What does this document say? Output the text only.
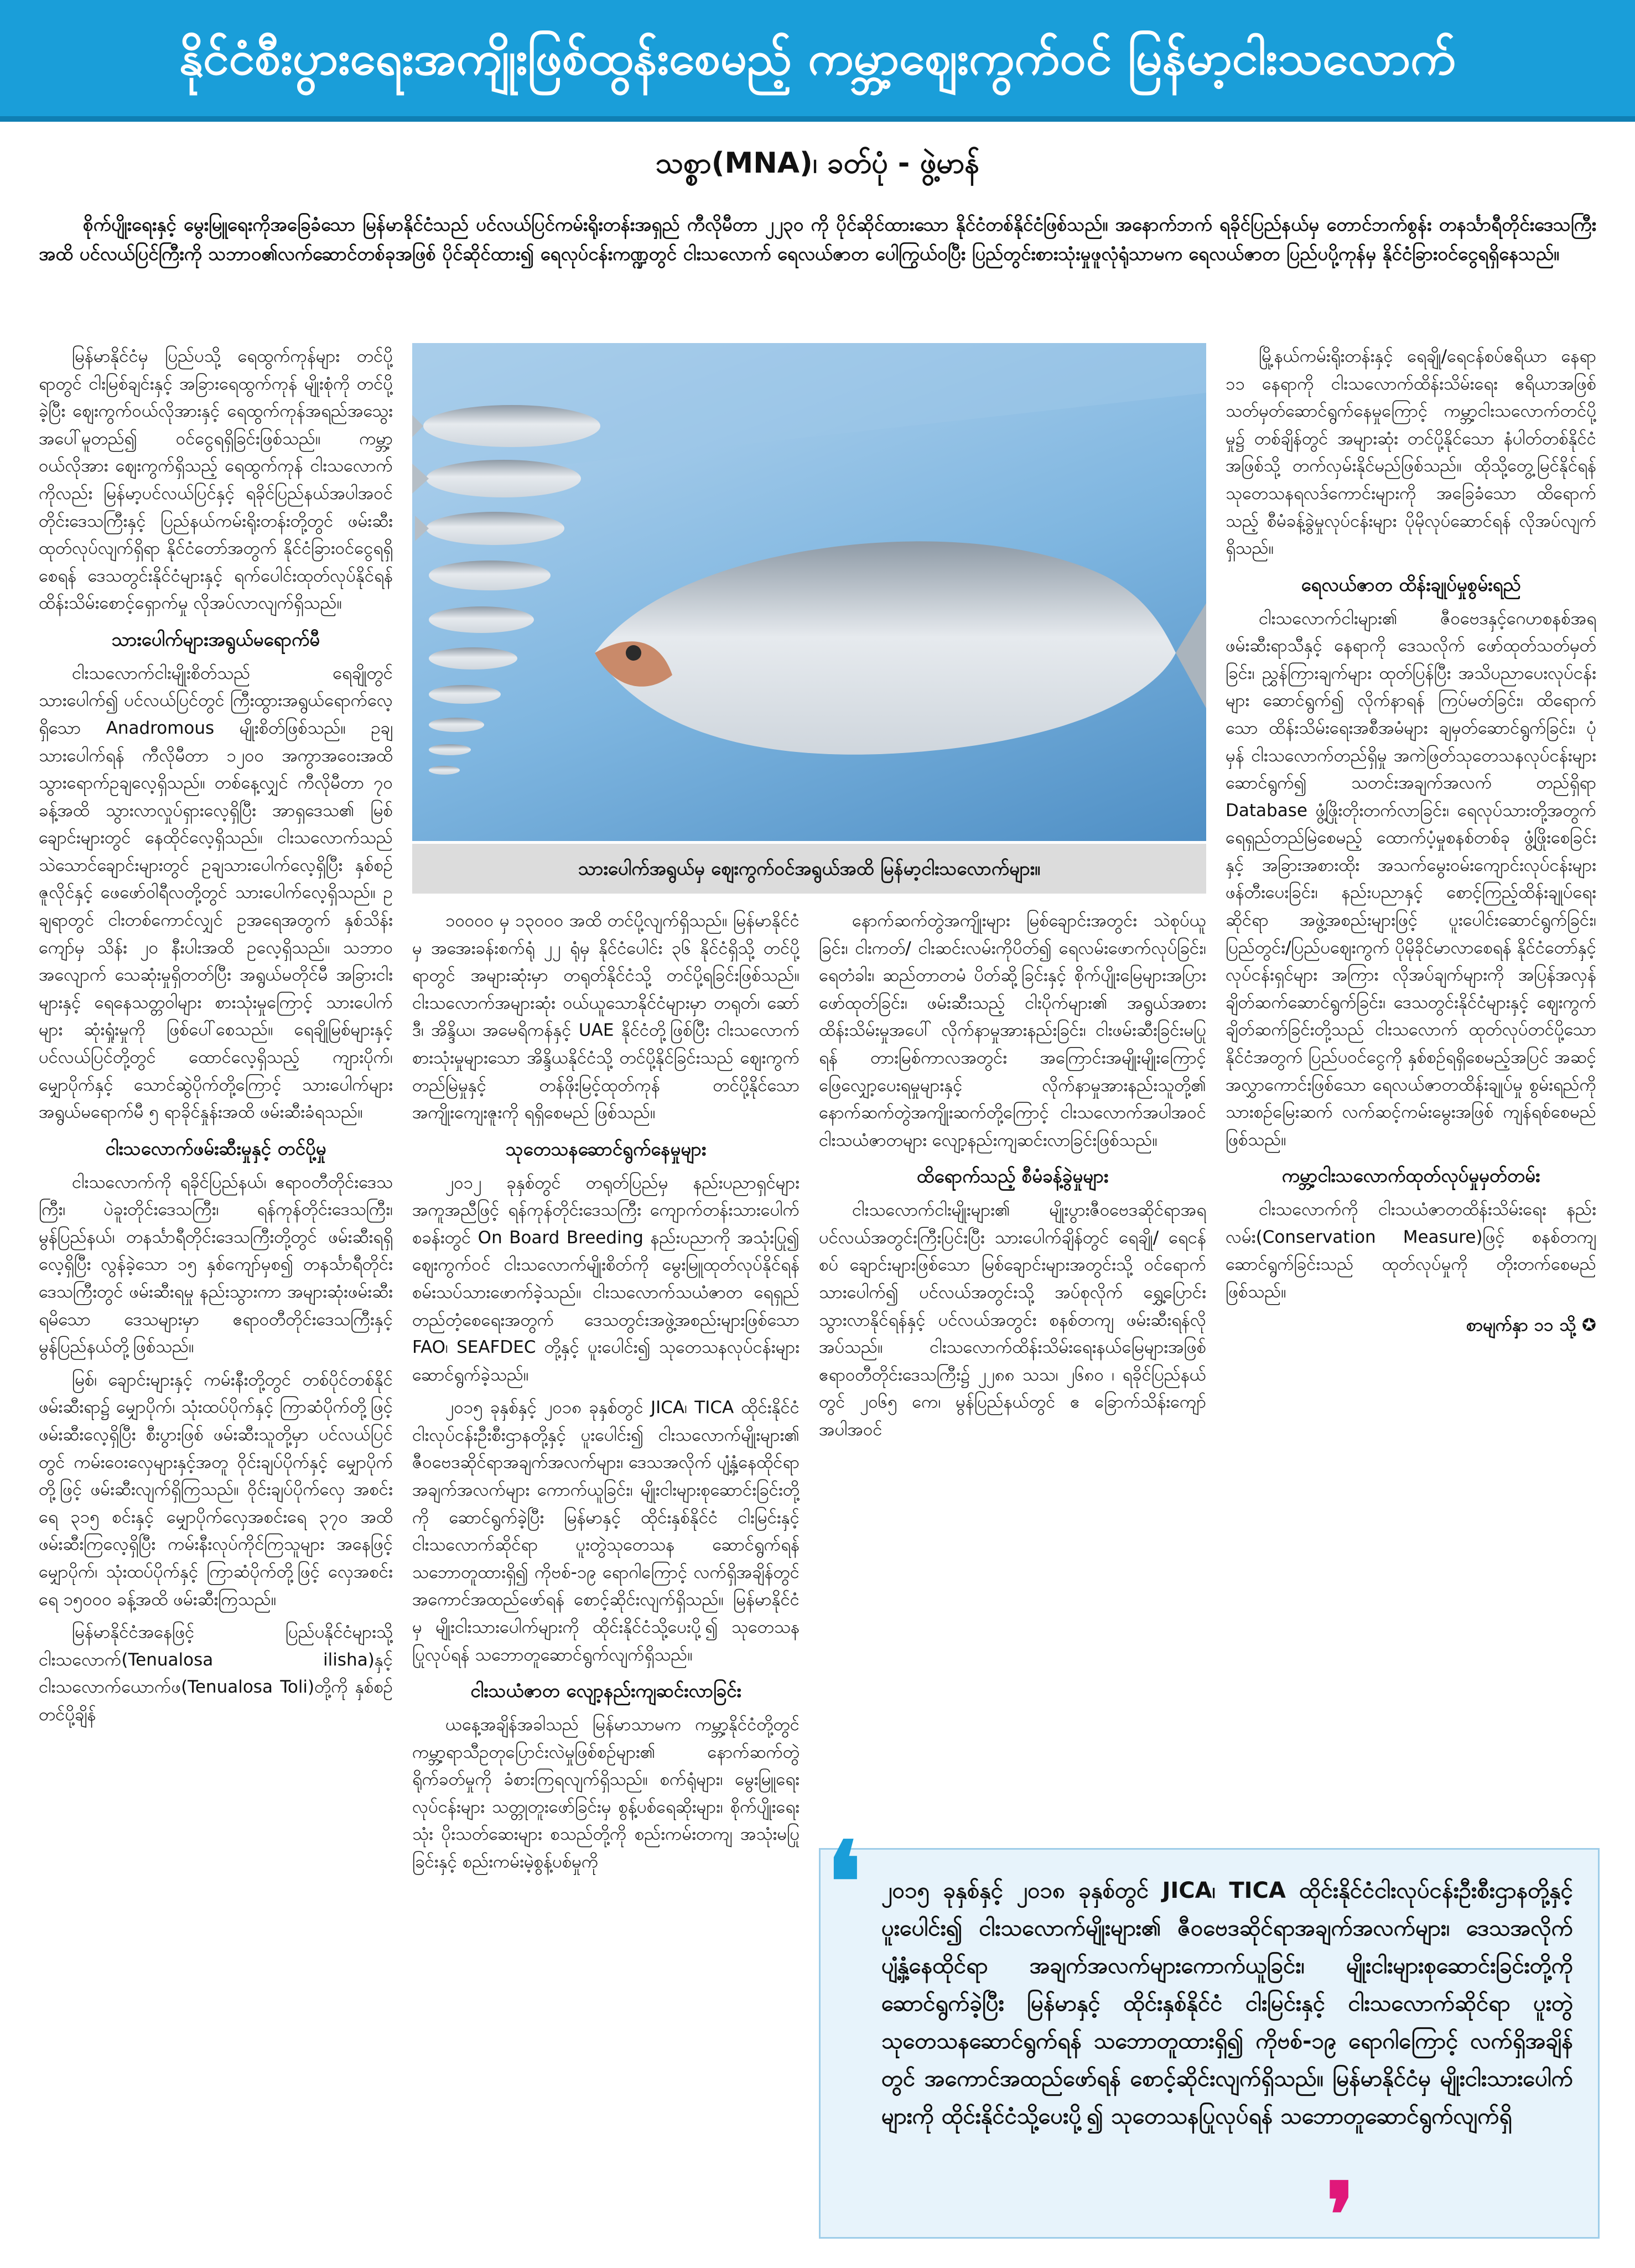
နိုင်ငံစီးပွားရေးအကျိုးဖြစ်ထွန်းစေမည့် ကမ္ဘာ့ဈေးကွက်ဝင် မြန်မာ့ငါးသလောက်
သစ္စာ(MNA)၊ ခတ်ပုံ - ဖွဲ့မာန်
စိုက်ပျိုးရေးနှင့် မွေးမြူရေးကိုအခြေခံသော မြန်မာနိုင်ငံသည် ပင်လယ်ပြင်ကမ်းရိုးတန်းအရှည် ကီလိုမီတာ ၂၂၃၀ ကို ပိုင်ဆိုင်ထားသော နိုင်ငံတစ်နိုင်ငံဖြစ်သည်။ အနောက်ဘက် ရခိုင်ပြည်နယ်မှ တောင်ဘက်စွန်း တနင်္သာရီတိုင်းဒေသကြီးအထိ ပင်လယ်ပြင်ကြီးကို သဘာဝ၏လက်ဆောင်တစ်ခုအဖြစ် ပိုင်ဆိုင်ထား၍ ရေလုပ်ငန်းကဏ္ဍတွင် ငါးသလောက် ရေလယ်ဇာတ ပေါကြွယ်ဝပြီး ပြည်တွင်းစားသုံးမှုဖူလုံရုံသာမက ရေလယ်ဇာတ ပြည်ပပို့ကုန်မှ နိုင်ငံခြားဝင်ငွေရရှိနေသည်။

မြန်မာနိုင်ငံမှ ပြည်ပသို့ ရေထွက်ကုန်များ တင်ပို့ရာတွင် ငါးမြစ်ချင်းနှင့် အခြားရေထွက်ကုန် မျိုးစုံကို တင်ပို့ခဲ့ပြီး ဈေးကွက်ဝယ်လိုအားနှင့် ရေထွက်ကုန်အရည်အသွေးအပေါ်မူတည်၍ ဝင်ငွေရရှိခြင်းဖြစ်သည်။ ကမ္ဘာ့ဝယ်လိုအား ဈေးကွက်ရှိသည့် ရေထွက်ကုန် ငါးသလောက်ကိုလည်း မြန်မာ့ပင်လယ်ပြင်နှင့် ရခိုင်ပြည်နယ်အပါအဝင် တိုင်းဒေသကြီးနှင့် ပြည်နယ်ကမ်းရိုးတန်းတို့တွင် ဖမ်းဆီးထုတ်လုပ်လျက်ရှိရာ နိုင်ငံတော်အတွက် နိုင်ငံခြားဝင်ငွေရရှိစေရန် ဒေသတွင်းနိုင်ငံများနှင့် ရက်ပေါင်းထုတ်လုပ်နိုင်ရန် ထိန်းသိမ်းစောင့်ရှောက်မှု လိုအပ်လာလျက်ရှိသည်။

သားပေါက်များအရွယ်မရောက်မီ

ငါးသလောက်ငါးမျိုးစိတ်သည် ရေချိုတွင် သားပေါက်၍ ပင်လယ်ပြင်တွင် ကြီးထွားအရွယ်ရောက်လေ့ရှိသော Anadromous မျိုးစိတ်ဖြစ်သည်။ ဥချသားပေါက်ရန် ကီလိုမီတာ ၁၂၀၀ အကွာအဝေးအထိ သွားရောက်ဥချလေ့ရှိသည်။ တစ်နေ့လျှင် ကီလိုမီတာ ၇၀ ခန့်အထိ သွားလာလှုပ်ရှားလေ့ရှိပြီး အာရှဒေသ၏ မြစ်ချောင်းများတွင် နေထိုင်လေ့ရှိသည်။ ငါးသလောက်သည် သဲသောင်ချောင်းများတွင် ဥချသားပေါက်လေ့ရှိပြီး နှစ်စဉ် ဇူလိုင်နှင့် ဖေဖော်ဝါရီလတို့တွင် သားပေါက်လေ့ရှိသည်။ ဥချရာတွင် ငါးတစ်ကောင်လျှင် ဥအရေအတွက် နှစ်သိန်းကျော်မှ သိန်း ၂၀ နီးပါးအထိ ဥလေ့ရှိသည်။ သဘာဝအလျောက် သေဆုံးမှုရှိတတ်ပြီး အရွယ်မတိုင်မီ အခြားငါးများနှင့် ရေနေသတ္တဝါများ စားသုံးမှုကြောင့် သားပေါက်များ ဆုံးရှုံးမှုကို ဖြစ်ပေါ်စေသည်။ ရေချိုမြစ်များနှင့် ပင်လယ်ပြင်တို့တွင် ထောင်လေ့ရှိသည့် ကျားပိုက်၊ မျှောပိုက်နှင့် သောင်ဆွဲပိုက်တို့ကြောင့် သားပေါက်များ အရွယ်မရောက်မီ ၅ ရာခိုင်နှုန်းအထိ ဖမ်းဆီးခံရသည်။

ငါးသလောက်ဖမ်းဆီးမှုနှင့် တင်ပို့မှု

ငါးသလောက်ကို ရခိုင်ပြည်နယ်၊ ဧရာဝတီတိုင်းဒေသကြီး၊ ပဲခူးတိုင်းဒေသကြီး၊ ရန်ကုန်တိုင်းဒေသကြီး၊ မွန်ပြည်နယ်၊ တနင်္သာရီတိုင်းဒေသကြီးတို့တွင် ဖမ်းဆီးရရှိလေ့ရှိပြီး လွန်ခဲ့သော ၁၅ နှစ်ကျော်မှစ၍ တနင်္သာရီတိုင်းဒေသကြီးတွင် ဖမ်းဆီးရမှု နည်းသွားကာ အများဆုံးဖမ်းဆီးရမိသော ဒေသများမှာ ဧရာဝတီတိုင်းဒေသကြီးနှင့် မွန်ပြည်နယ်တို့ဖြစ်သည်။

မြစ်၊ ချောင်းများနှင့် ကမ်းနီးတို့တွင် တစ်ပိုင်တစ်နိုင် ဖမ်းဆီးရာ၌ မျှောပိုက်၊ သုံးထပ်ပိုက်နှင့် ကြာဆံပိုက်တို့ဖြင့် ဖမ်းဆီးလေ့ရှိပြီး စီးပွားဖြစ် ဖမ်းဆီးသူတို့မှာ ပင်လယ်ပြင်တွင် ကမ်းဝေးလှေများနှင့်အတူ ဝိုင်းချပ်ပိုက်နှင့် မျှောပိုက်တို့ဖြင့် ဖမ်းဆီးလျက်ရှိကြသည်။ ဝိုင်းချပ်ပိုက်လှေ အစင်းရေ ၃၁၅ စင်းနှင့် မျှောပိုက်လှေအစင်းရေ ၃၇၀ အထိ ဖမ်းဆီးကြလေ့ရှိပြီး ကမ်းနီးလုပ်ကိုင်ကြသူများ အနေဖြင့် မျှောပိုက်၊ သုံးထပ်ပိုက်နှင့် ကြာဆံပိုက်တို့ဖြင့် လှေအစင်းရေ ၁၅၀၀၀ ခန့်အထိ ဖမ်းဆီးကြသည်။

မြန်မာနိုင်ငံအနေဖြင့် ပြည်ပနိုင်ငံများသို့ ငါးသလောက်(Tenualosa ilisha)နှင့် ငါးသလောက်ယောက်ဖ(Tenualosa Toli)တို့ကို နှစ်စဉ်တင်ပို့ချိန်

သားပေါက်အရွယ်မှ ဈေးကွက်ဝင်အရွယ်အထိ မြန်မာ့ငါးသလောက်များ။

၁၀၀၀၀ မှ ၁၃၀၀၀ အထိ တင်ပို့လျက်ရှိသည်။ မြန်မာနိုင်ငံမှ အအေးခန်းစက်ရုံ ၂၂ ရုံမှ နိုင်ငံပေါင်း ၃၆ နိုင်ငံရှိသို့ တင်ပို့ရာတွင် အများဆုံးမှာ တရုတ်နိုင်ငံသို့ တင်ပို့ရခြင်းဖြစ်သည်။ ငါးသလောက်အများဆုံး ဝယ်ယူသောနိုင်ငံများမှာ တရုတ်၊ ဆော်ဒီ၊ အိန္ဒိယ၊ အမေရိကန်နှင့် UAE နိုင်ငံတို့ဖြစ်ပြီး ငါးသလောက် စားသုံးမှုများသော အိန္ဒိယနိုင်ငံသို့ တင်ပို့နိုင်ခြင်းသည် ဈေးကွက်တည်မြဲမှုနှင့် တန်ဖိုးမြင့်ထုတ်ကုန် တင်ပို့နိုင်သော အကျိုးကျေးဇူးကို ရရှိစေမည် ဖြစ်သည်။

သုတေသနဆောင်ရွက်နေမှုများ

၂၀၁၂ ခုနှစ်တွင် တရုတ်ပြည်မှ နည်းပညာရှင်များအကူအညီဖြင့် ရန်ကုန်တိုင်းဒေသကြီး ကျောက်တန်းသားပေါက်စခန်းတွင် On Board Breeding နည်းပညာကို အသုံးပြု၍ ဈေးကွက်ဝင် ငါးသလောက်မျိုးစိတ်ကို မွေးမြူထုတ်လုပ်နိုင်ရန် စမ်းသပ်သားဖောက်ခဲ့သည်။ ငါးသလောက်သယံဇာတ ရေရှည်တည်တံ့စေရေးအတွက် ဒေသတွင်းအဖွဲ့အစည်းများဖြစ်သော FAO၊ SEAFDEC တို့နှင့် ပူးပေါင်း၍ သုတေသနလုပ်ငန်းများ ဆောင်ရွက်ခဲ့သည်။

၂၀၁၅ ခုနှစ်နှင့် ၂၀၁၈ ခုနှစ်တွင် JICA၊ TICA ထိုင်းနိုင်ငံငါးလုပ်ငန်းဦးစီးဌာနတို့နှင့် ပူးပေါင်း၍ ငါးသလောက်မျိုးများ၏ ဇီဝဗေဒဆိုင်ရာအချက်အလက်များ၊ ဒေသအလိုက် ပျံ့နှံ့နေထိုင်ရာ အချက်အလက်များ ကောက်ယူခြင်း၊ မျိုးငါးများစုဆောင်းခြင်းတို့ကို ဆောင်ရွက်ခဲ့ပြီး မြန်မာနှင့် ထိုင်းနှစ်နိုင်ငံ ငါးမြင်းနှင့် ငါးသလောက်ဆိုင်ရာ ပူးတွဲသုတေသန ဆောင်ရွက်ရန် သဘောတူထားရှိ၍ ကိုဗစ်-၁၉ ရောဂါကြောင့် လက်ရှိအချိန်တွင် အကောင်အထည်ဖော်ရန် စောင့်ဆိုင်းလျက်ရှိသည်။ မြန်မာနိုင်ငံမှ မျိုးငါးသားပေါက်များကို ထိုင်းနိုင်ငံသို့ပေးပို့၍ သုတေသနပြုလုပ်ရန် သဘောတူဆောင်ရွက်လျက်ရှိသည်။

ငါးသယံဇာတ လျော့နည်းကျဆင်းလာခြင်း

ယနေ့အချိန်အခါသည် မြန်မာသာမက ကမ္ဘာ့နိုင်ငံတို့တွင် ကမ္ဘာ့ရာသီဥတုပြောင်းလဲမှုဖြစ်စဉ်များ၏ နောက်ဆက်တွဲရိုက်ခတ်မှုကို ခံစားကြရလျက်ရှိသည်။ စက်ရုံများ၊ မွေးမြူရေးလုပ်ငန်းများ သတ္တုတူးဖော်ခြင်းမှ စွန့်ပစ်ရေဆိုးများ၊ စိုက်ပျိုးရေးသုံး ပိုးသတ်ဆေးများ စသည်တို့ကို စည်းကမ်းတကျ အသုံးမပြုခြင်းနှင့် စည်းကမ်းမဲ့စွန့်ပစ်မှုကို

နောက်ဆက်တွဲအကျိုးများ မြစ်ချောင်းအတွင်း သဲစုပ်ယူခြင်း၊ ငါးကတ်/ ငါးဆင်းလမ်းကိုပိတ်၍ ရေလမ်းဖောက်လုပ်ခြင်း၊ ရေတံခါး၊ ဆည်တာတမံ ပိတ်ဆို့ခြင်းနှင့် စိုက်ပျိုးမြေများအပြားဖော်ထုတ်ခြင်း၊ ဖမ်းဆီးသည့် ငါးပိုက်များ၏ အရွယ်အစား ထိန်းသိမ်းမှုအပေါ် လိုက်နာမှုအားနည်းခြင်း၊ ငါးဖမ်းဆီးခြင်းမပြုရန် တားမြစ်ကာလအတွင်း အကြောင်းအမျိုးမျိုးကြောင့် ဖြေလျှော့ပေးရမှုများနှင့် လိုက်နာမှုအားနည်းသူတို့၏ နောက်ဆက်တွဲအကျိုးဆက်တို့ကြောင့် ငါးသလောက်အပါအဝင် ငါးသယံဇာတများ လျော့နည်းကျဆင်းလာခြင်းဖြစ်သည်။

ထိရောက်သည့် စီမံခန့်ခွဲမှုများ

ငါးသလောက်ငါးမျိုးများ၏ မျိုးပွားဇီဝဗေဒဆိုင်ရာအရ ပင်လယ်အတွင်းကြီးပြင်းပြီး သားပေါက်ချိန်တွင် ရေချို/ ရေငန်စပ် ချောင်းများဖြစ်သော မြစ်ချောင်းများအတွင်းသို့ ဝင်ရောက်သားပေါက်၍ ပင်လယ်အတွင်းသို့ အပ်စုလိုက် ရွှေ့ပြောင်းသွားလာနိုင်ရန်နှင့် ပင်လယ်အတွင်း စနစ်တကျ ဖမ်းဆီးရန်လိုအပ်သည်။ ငါးသလောက်ထိန်းသိမ်းရေးနယ်မြေများအဖြစ် ဧရာဝတီတိုင်းဒေသကြီး၌ ၂၂၈၈ သသ၊ ၂၆၈၀ ၊ ရခိုင်ပြည်နယ်တွင် ၂၀၆၅ ကေ၊ မွန်ပြည်နယ်တွင် ဧ ခြောက်သိန်းကျော်အပါအဝင်

မြို့နယ်ကမ်းရိုးတန်းနှင့် ရေချို/ရေငန်စပ်ဧရိယာ နေရာ ၁၁ နေရာကို ငါးသလောက်ထိန်းသိမ်းရေး ဧရိယာအဖြစ် သတ်မှတ်ဆောင်ရွက်နေမှုကြောင့် ကမ္ဘာ့ငါးသလောက်တင်ပို့မှု၌ တစ်ချိန်တွင် အများဆုံး တင်ပို့နိုင်သော နံပါတ်တစ်နိုင်ငံအဖြစ်သို့ တက်လှမ်းနိုင်မည်ဖြစ်သည်။ ထိုသို့တွေ့မြင်နိုင်ရန် သုတေသနရလဒ်ကောင်းများကို အခြေခံသော ထိရောက်သည့် စီမံခန့်ခွဲမှုလုပ်ငန်းများ ပိုမိုလုပ်ဆောင်ရန် လိုအပ်လျက်ရှိသည်။

ရေလယ်ဇာတ ထိန်းချုပ်မှုစွမ်းရည်

ငါးသလောက်ငါးများ၏ ဇီဝဗေဒနှင့်ဂေဟစနစ်အရ ဖမ်းဆီးရာသီနှင့် နေရာကို ဒေသလိုက် ဖော်ထုတ်သတ်မှတ်ခြင်း၊ ညွှန်ကြားချက်များ ထုတ်ပြန်ပြီး အသိပညာပေးလုပ်ငန်းများ ဆောင်ရွက်၍ လိုက်နာရန် ကြပ်မတ်ခြင်း၊ ထိရောက်သော ထိန်းသိမ်းရေးအစီအမံများ ချမှတ်ဆောင်ရွက်ခြင်း၊ ပုံမှန် ငါးသလောက်တည်ရှိမှု အကဲဖြတ်သုတေသနလုပ်ငန်းများ ဆောင်ရွက်၍ သတင်းအချက်အလက် တည်ရှိရာ Database ဖွံ့ဖြိုးတိုးတက်လာခြင်း၊ ရေလုပ်သားတို့အတွက် ရေရှည်တည်မြဲစေမည့် ထောက်ပံ့မှုစနစ်တစ်ခု ဖွံ့ဖြိုးစေခြင်းနှင့် အခြားအစားထိုး အသက်မွေးဝမ်းကျောင်းလုပ်ငန်းများ ဖန်တီးပေးခြင်း၊ နည်းပညာနှင့် စောင့်ကြည့်ထိန်းချုပ်ရေးဆိုင်ရာ အဖွဲ့အစည်းများဖြင့် ပူးပေါင်းဆောင်ရွက်ခြင်း၊ ပြည်တွင်း/ပြည်ပဈေးကွက် ပိုမိုခိုင်မာလာစေရန် နိုင်ငံတော်နှင့် လုပ်ငန်းရှင်များ အကြား လိုအပ်ချက်များကို အပြန်အလှန် ချိတ်ဆက်ဆောင်ရွက်ခြင်း၊ ဒေသတွင်းနိုင်ငံများနှင့် ဈေးကွက်ချိတ်ဆက်ခြင်းတို့သည် ငါးသလောက် ထုတ်လုပ်တင်ပို့သောနိုင်ငံအတွက် ပြည်ပဝင်ငွေကို နှစ်စဉ်ရရှိစေမည့်အပြင် အဆင့်အလွှာကောင်းဖြစ်သော ရေလယ်ဇာတထိန်းချုပ်မှု စွမ်းရည်ကို သားစဉ်မြေးဆက် လက်ဆင့်ကမ်းမွေးအဖြစ် ကျန်ရစ်စေမည်ဖြစ်သည်။

ကမ္ဘာ့ငါးသလောက်ထုတ်လုပ်မှုမှတ်တမ်း

ငါးသလောက်ကို ငါးသယံဇာတထိန်းသိမ်းရေး နည်းလမ်း(Conservation Measure)ဖြင့် စနစ်တကျ ဆောင်ရွက်ခြင်းသည် ထုတ်လုပ်မှုကို တိုးတက်စေမည်ဖြစ်သည်။

စာမျက်နှာ ၁၁ သို့ ✪
❛ ၂၀၁၅ ခုနှစ်နှင့် ၂၀၁၈ ခုနှစ်တွင် JICA၊ TICA ထိုင်းနိုင်ငံငါးလုပ်ငန်းဦးစီးဌာနတို့နှင့်ပူးပေါင်း၍ ငါးသလောက်မျိုးများ၏ ဇီဝဗေဒဆိုင်ရာအချက်အလက်များ၊ ဒေသအလိုက် ပျံ့နှံ့နေထိုင်ရာ အချက်အလက်များကောက်ယူခြင်း၊ မျိုးငါးများစုဆောင်းခြင်းတို့ကို ဆောင်ရွက်ခဲ့ပြီး မြန်မာနှင့် ထိုင်းနှစ်နိုင်ငံ ငါးမြင်းနှင့် ငါးသလောက်ဆိုင်ရာ ပူးတွဲသုတေသနဆောင်ရွက်ရန် သဘောတူထားရှိ၍ ကိုဗစ်-၁၉ ရောဂါကြောင့် လက်ရှိအချိန်တွင် အကောင်အထည်ဖော်ရန် စောင့်ဆိုင်းလျက်ရှိသည်။ မြန်မာနိုင်ငံမှ မျိုးငါးသားပေါက်များကို ထိုင်းနိုင်ငံသို့ပေးပို့၍ သုတေသနပြုလုပ်ရန် သဘောတူဆောင်ရွက်လျက်ရှိ
❜
